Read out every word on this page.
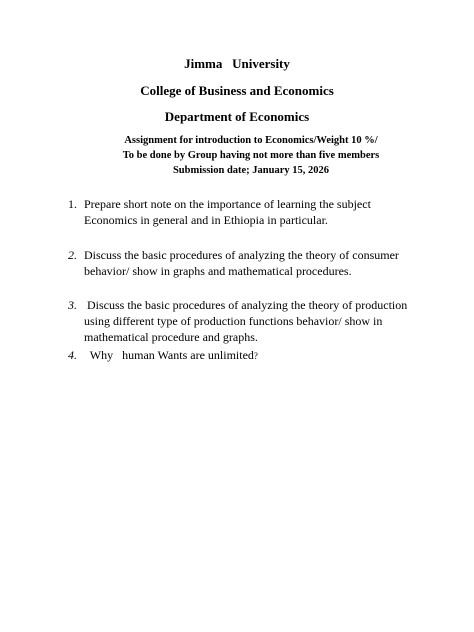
Jimma   University
College of Business and Economics
Department of Economics
Assignment for introduction to Economics/Weight 10 %/
To be done by Group having not more than five members
Submission date; January 15, 2026
1. Prepare short note on the importance of learning the subject
Economics in general and in Ethiopia in particular.
2. Discuss the basic procedures of analyzing the theory of consumer
behavior/ show in graphs and mathematical procedures.
3. Discuss the basic procedures of analyzing the theory of production
using different type of production functions behavior/ show in
mathematical procedure and graphs.
4. Why   human Wants are unlimited?
